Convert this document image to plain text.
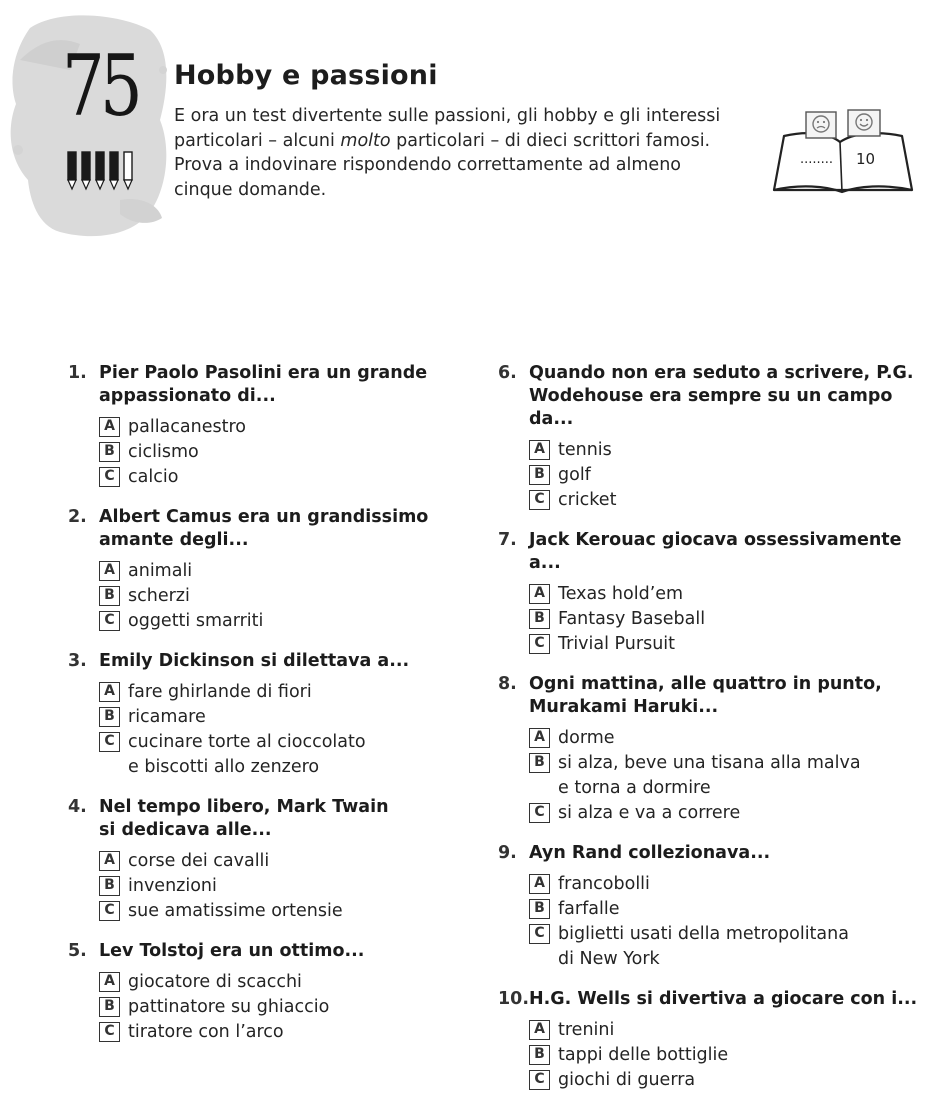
75 Hobby e passioni

E ora un test divertente sulle passioni, gli hobby e gli interessi particolari – alcuni molto particolari – di dieci scrittori famosi. Prova a indovinare rispondendo correttamente ad almeno cinque domande.

........ 10
1. Pier Paolo Pasolini era un grande appassionato di...
A pallacanestro
B ciclismo
C calcio
2. Albert Camus era un grandissimo amante degli...
A animali
B scherzi
C oggetti smarriti
3. Emily Dickinson si dilettava a...
A fare ghirlande di fiori
B ricamare
C cucinare torte al cioccolato
e biscotti allo zenzero
4. Nel tempo libero, Mark Twain
si dedicava alle...
A corse dei cavalli
B invenzioni
C sue amatissime ortensie
5. Lev Tolstoj era un ottimo...
A giocatore di scacchi
B pattinatore su ghiaccio
C tiratore con l’arco
6. Quando non era seduto a scrivere, P.G. Wodehouse era sempre su un campo da...
A tennis
B golf
C cricket
7. Jack Kerouac giocava ossessivamente a...
A Texas hold’em
B Fantasy Baseball
C Trivial Pursuit
8. Ogni mattina, alle quattro in punto,
Murakami Haruki...
A dorme
B si alza, beve una tisana alla malva
e torna a dormire
C si alza e va a correre
9. Ayn Rand collezionava...
A francobolli
B farfalle
C biglietti usati della metropolitana
di New York
10. H.G. Wells si divertiva a giocare con i...
A trenini
B tappi delle bottiglie
C giochi di guerra
